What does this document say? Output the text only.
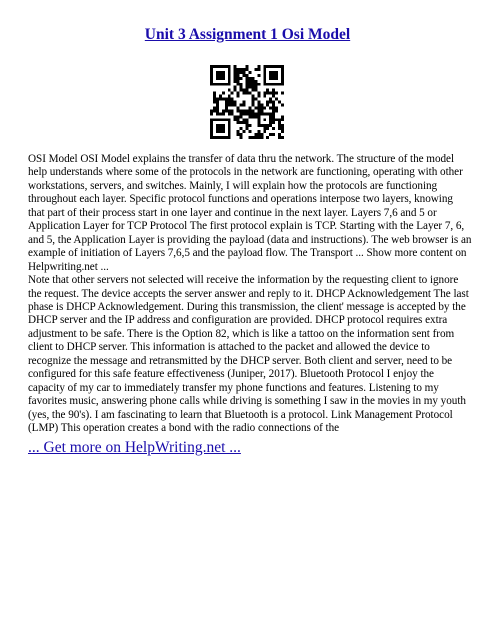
Unit 3 Assignment 1 Osi Model

OSI Model OSI Model explains the transfer of data thru the network. The structure of the model help understands where some of the protocols in the network are functioning, operating with other workstations, servers, and switches. Mainly, I will explain how the protocols are functioning throughout each layer. Specific protocol functions and operations interpose two layers, knowing that part of their process start in one layer and continue in the next layer. Layers 7,6 and 5 or Application Layer for TCP Protocol The first protocol explain is TCP. Starting with the Layer 7, 6, and 5, the Application Layer is providing the payload (data and instructions). The web browser is an example of initiation of Layers 7,6,5 and the payload flow. The Transport ... Show more content on Helpwriting.net ...

Note that other servers not selected will receive the information by the requesting client to ignore the request. The device accepts the server answer and reply to it. DHCP Acknowledgement The last phase is DHCP Acknowledgement. During this transmission, the client' message is accepted by the DHCP server and the IP address and configuration are provided. DHCP protocol requires extra adjustment to be safe. There is the Option 82, which is like a tattoo on the information sent from client to DHCP server. This information is attached to the packet and allowed the device to recognize the message and retransmitted by the DHCP server. Both client and server, need to be configured for this safe feature effectiveness (Juniper, 2017). Bluetooth Protocol I enjoy the capacity of my car to immediately transfer my phone functions and features. Listening to my favorites music, answering phone calls while driving is something I saw in the movies in my youth (yes, the 90's). I am fascinating to learn that Bluetooth is a protocol. Link Management Protocol (LMP) This operation creates a bond with the radio connections of the

... Get more on HelpWriting.net ...
